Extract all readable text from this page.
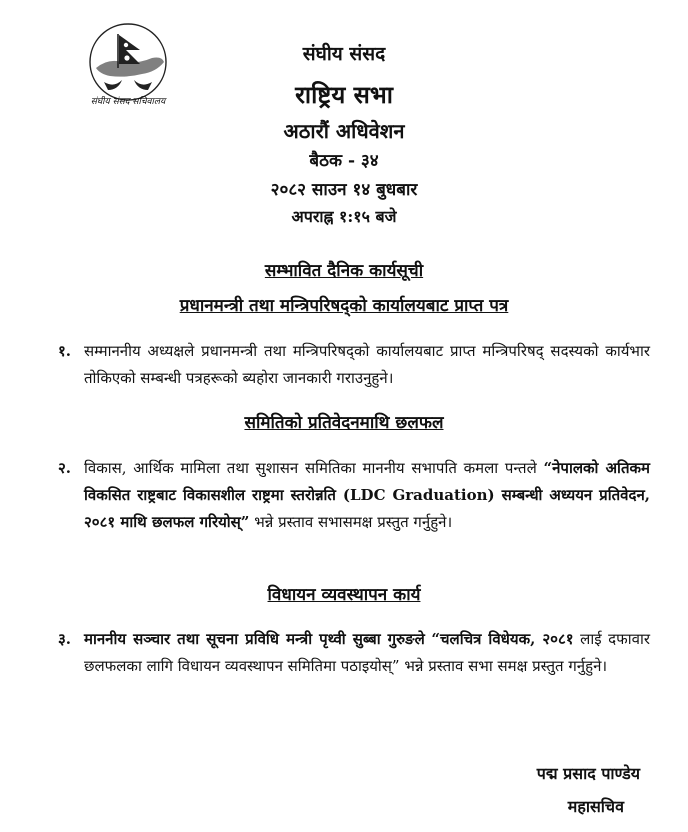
संघीय संसद सचिवालय
संघीय संसद
राष्ट्रिय सभा
अठारौं अधिवेशन
बैठक - ३४
२०८२ साउन १४ बुधबार
अपराह्न १:१५ बजे
सम्भावित दैनिक कार्यसूची
प्रधानमन्त्री तथा मन्त्रिपरिषद्को कार्यालयबाट प्राप्त पत्र
१. सम्माननीय अध्यक्षले प्रधानमन्त्री तथा मन्त्रिपरिषद्को कार्यालयबाट प्राप्त मन्त्रिपरिषद् सदस्यको कार्यभार तोकिएको सम्बन्धी पत्रहरूको ब्यहोरा जानकारी गराउनुहुने।
समितिको प्रतिवेदनमाथि छलफल
२. विकास, आर्थिक मामिला तथा सुशासन समितिका माननीय सभापति कमला पन्तले “नेपालको अतिकम विकसित राष्ट्रबाट विकासशील राष्ट्रमा स्तरोन्नति (LDC Graduation) सम्बन्धी अध्ययन प्रतिवेदन, २०८१ माथि छलफल गरियोस्” भन्ने प्रस्ताव सभासमक्ष प्रस्तुत गर्नुहुने।
विधायन व्यवस्थापन कार्य
३. माननीय सञ्चार तथा सूचना प्रविधि मन्त्री पृथ्वी सुब्बा गुरुङले “चलचित्र विधेयक, २०८१ लाई दफावार छलफलका लागि विधायन व्यवस्थापन समितिमा पठाइयोस्” भन्ने प्रस्ताव सभा समक्ष प्रस्तुत गर्नुहुने।
पद्म प्रसाद पाण्डेय
महासचिव
